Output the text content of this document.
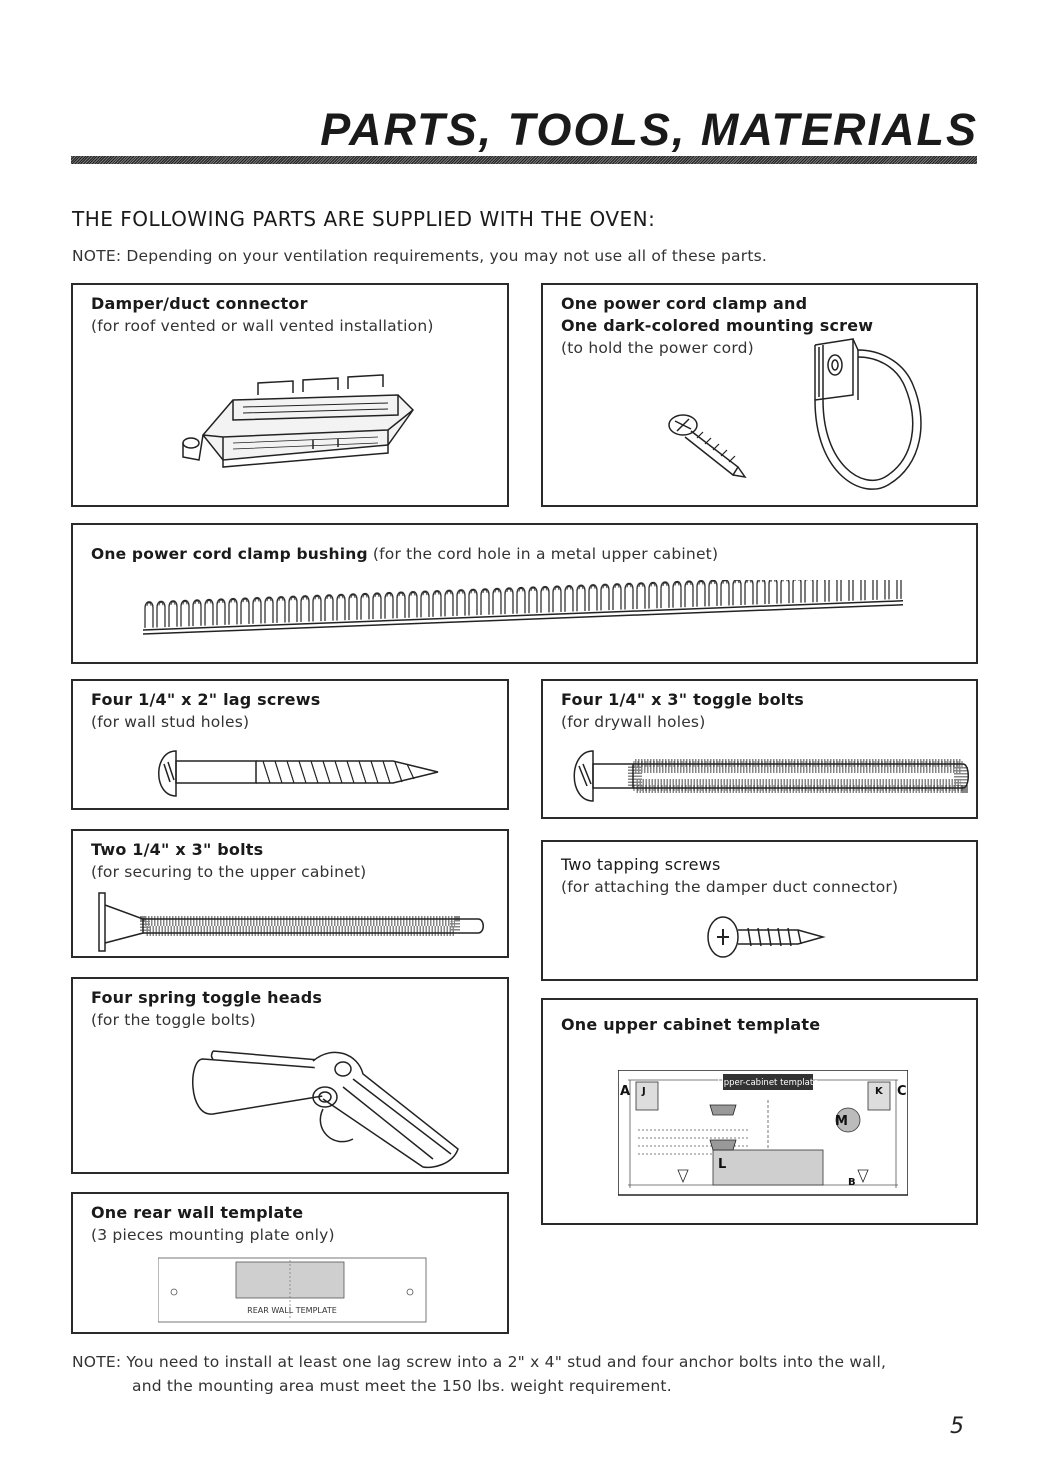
PARTS, TOOLS, MATERIALS
THE FOLLOWING PARTS ARE SUPPLIED WITH THE OVEN:
NOTE: Depending on your ventilation requirements, you may not use all of these parts.
Damper/duct connector
(for roof vented or wall vented installation)
One power cord clamp and
One dark-colored mounting screw
(to hold the power cord)
One power cord clamp bushing (for the cord hole in a metal upper cabinet)
Four 1/4" x 2" lag screws
(for wall stud holes)
Four 1/4" x 3" toggle bolts
(for drywall holes)
Two 1/4" x 3" bolts
(for securing to the upper cabinet)	Two tapping screws
(for attaching the damper duct connector)
Four spring toggle heads
(for the toggle bolts)	One upper cabinet template
Upper-cabinet template
A J	K C
M
L
B
One rear wall template
(3 pieces mounting plate only)
REAR WALL TEMPLATE
NOTE: You need to install at least one lag screw into a 2" x 4" stud and four anchor bolts into the wall,
and the mounting area must meet the 150 lbs. weight requirement.

5
